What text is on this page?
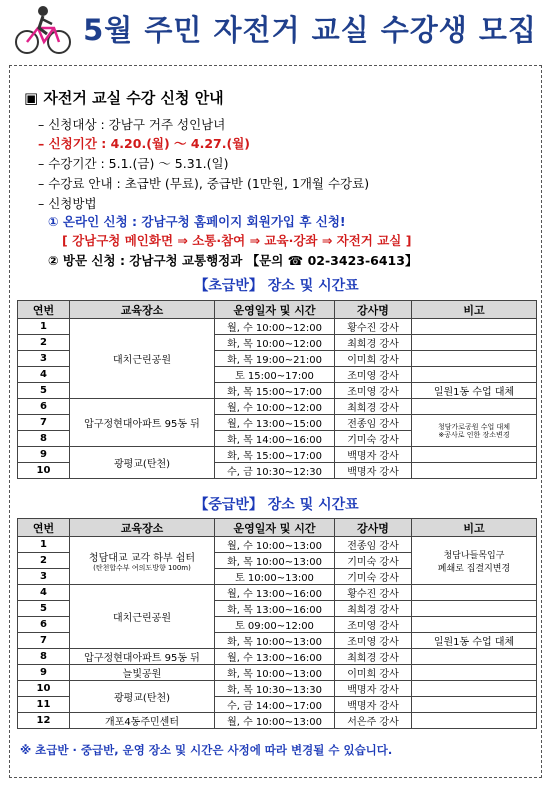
5월 주민 자전거 교실 수강생 모집
▣ 자전거 교실 수강 신청 안내
– 신청대상 : 강남구 거주 성인남녀
– 신청기간 : 4.20.(월) ～ 4.27.(월)
– 수강기간 : 5.1.(금) ～ 5.31.(일)
– 수강료 안내 : 초급반 (무료), 중급반 (1만원, 1개월 수강료)
– 신청방법
① 온라인 신청 : 강남구청 홈페이지 회원가입 후 신청!
[ 강남구청 메인화면 ⇒ 소통·참여 ⇒ 교육·강좌 ⇒ 자전거 교실 ]
② 방문 신청 : 강남구청 교통행정과 【문의 ☎ 02-3423-6413】
【초급반】 장소 및 시간표
연번	교육장소	운영일자 및 시간	강사명	비고
1	대치근린공원	월, 수 10:00~12:00	황수진 강사	
2		화, 목 10:00~12:00	최희경 강사	
3		화, 목 19:00~21:00	이미희 강사	
4		토 15:00~17:00	조미영 강사	
5		화, 목 15:00~17:00	조미영 강사	일원1동 수업 대체
6	압구정현대아파트 95동 뒤	월, 수 10:00~12:00	최희경 강사	
7		월, 수 13:00~15:00	전종임 강사	청담가로공원 수업 대체
※공사로 인한 장소변경

8		화, 목 14:00~16:00	기미숙 강사	
9	광평교(탄천)	화, 목 15:00~17:00	백명자 강사	
10		수, 금 10:30~12:30	백명자 강사	
【중급반】 장소 및 시간표
연번	교육장소	운영일자 및 시간	강사명	비고
1	청담대교 교각 하부 쉼터
(탄천합수부 여의도방향 100m)	월, 수 10:00~13:00	전종임 강사	청담나들목입구
폐쇄로 집결지변경

2		화, 목 10:00~13:00	기미숙 강사	
3		토 10:00~13:00	기미숙 강사	
4	대치근린공원	월, 수 13:00~16:00	황수진 강사	
5		화, 목 13:00~16:00	최희경 강사	
6		토 09:00~12:00	조미영 강사	
7		화, 목 10:00~13:00	조미영 강사	일원1동 수업 대체
8	압구정현대아파트 95동 뒤	월, 수 13:00~16:00	최희경 강사	
9	늘빛공원	화, 목 10:00~13:00	이미희 강사	
10	광평교(탄천)	화, 목 10:30~13:30	백명자 강사	
11		수, 금 14:00~17:00	백명자 강사	
12	개포4동주민센터	월, 수 10:00~13:00	서은주 강사	
※ 초급반 · 중급반, 운영 장소 및 시간은 사정에 따라 변경될 수 있습니다.
